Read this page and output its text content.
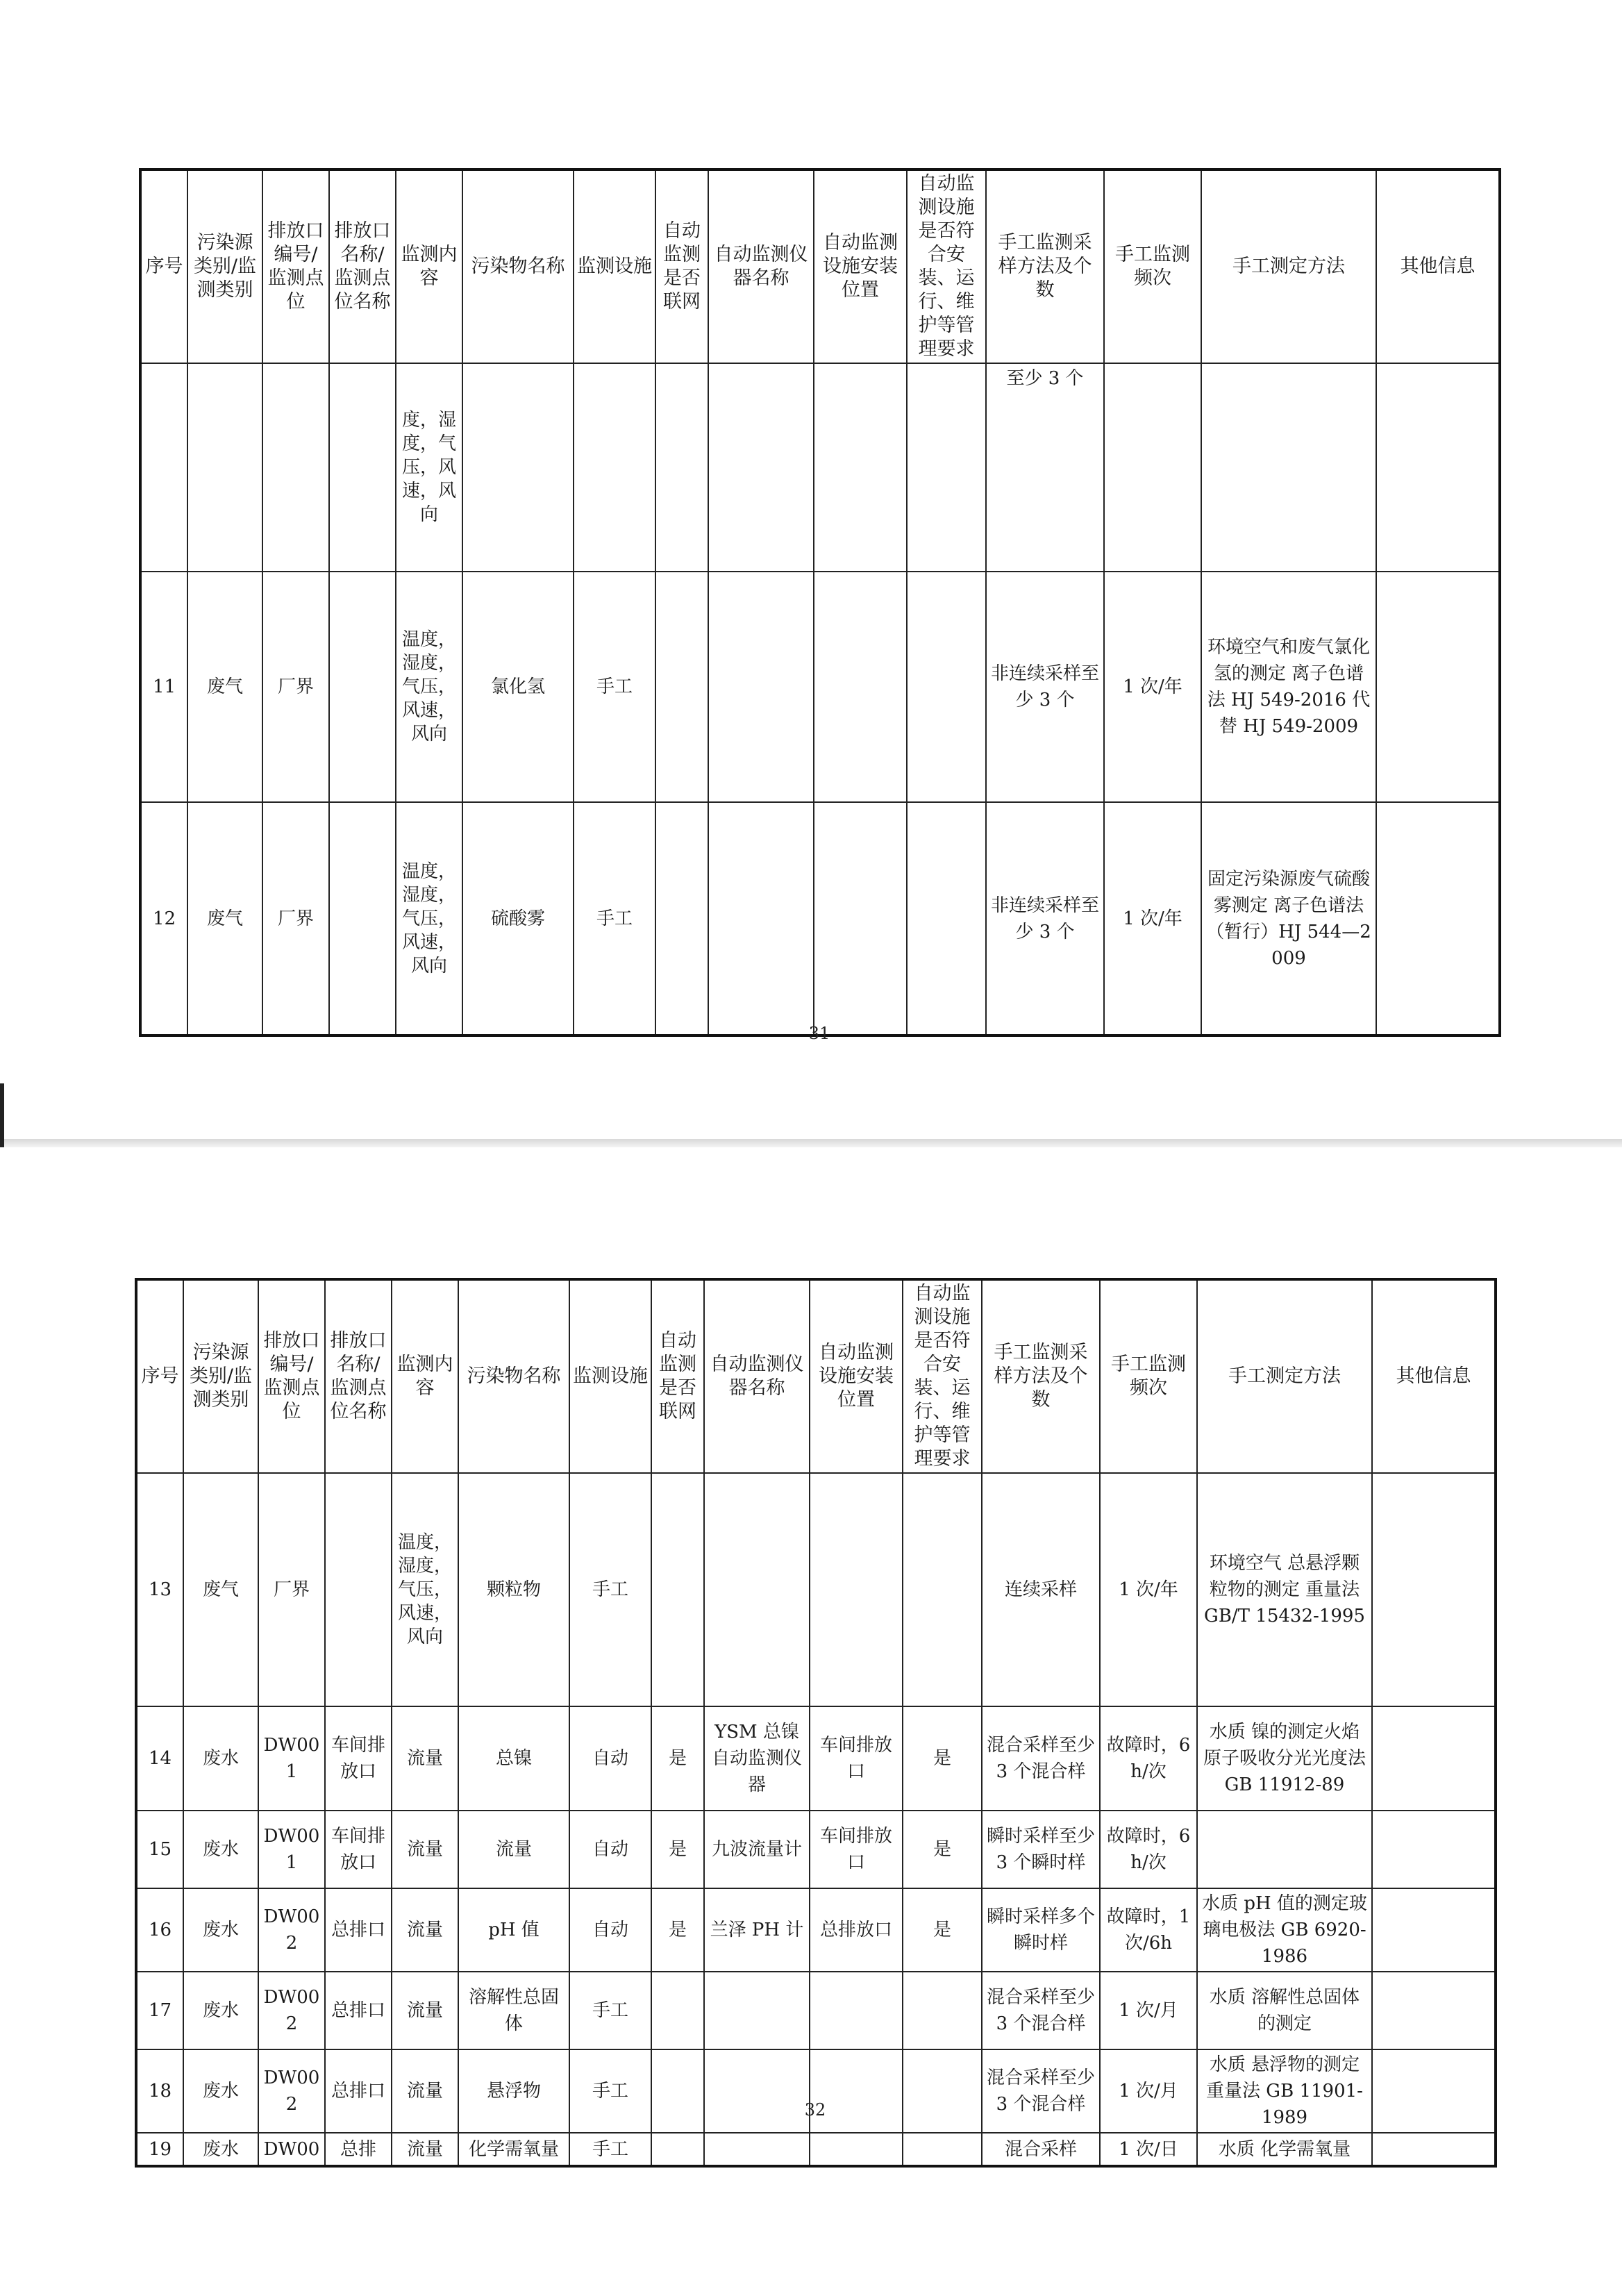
序号	污染源类别/监测类别	排放口编号/监测点位	排放口名称/监测点位名称	监测内容	污染物名称	监测设施	自动监测是否联网	自动监测仪器名称	自动监测设施安装位置	自动监测设施是否符合安装、运行、维护等管理要求	手工监测采样方法及个数	手工监测频次	手工测定方法	其他信息
				度，湿度，气压，风速，风向							至少 3 个			
11	废气	厂界		温度，湿度，气压，风速，风向	氯化氢	手工					非连续采样至少 3 个	1 次/年	环境空气和废气氯化氢的测定 离子色谱法 HJ 549-2016 代替 HJ 549-2009	
12	废气	厂界		温度，湿度，气压，风速，风向	硫酸雾	手工					非连续采样至少 3 个	1 次/年	固定污染源废气硫酸雾测定 离子色谱法（暂行）HJ 544—2009	
31
序号	污染源类别/监测类别	排放口编号/监测点位	排放口名称/监测点位名称	监测内容	污染物名称	监测设施	自动监测是否联网	自动监测仪器名称	自动监测设施安装位置	自动监测设施是否符合安装、运行、维护等管理要求	手工监测采样方法及个数	手工监测频次	手工测定方法	其他信息
13	废气	厂界		温度，湿度，气压，风速，风向	颗粒物	手工					连续采样	1 次/年	环境空气 总悬浮颗粒物的测定 重量法 GB/T 15432-1995	
14	废水	DW001	车间排放口	流量	总镍	自动	是	YSM 总镍自动监测仪器	车间排放口	是	混合采样至少 3 个混合样	故障时，6h/次	水质 镍的测定火焰原子吸收分光光度法 GB 11912-89	
15	废水	DW001	车间排放口	流量	流量	自动	是	九波流量计	车间排放口	是	瞬时采样至少 3 个瞬时样	故障时，6h/次		
16	废水	DW002	总排口	流量	pH 值	自动	是	兰泽 PH 计	总排放口	是	瞬时采样多个瞬时样	故障时，1 次/6h	水质 pH 值的测定玻璃电极法 GB 6920-1986	
17	废水	DW002	总排口	流量	溶解性总固体	手工					混合采样至少 3 个混合样	1 次/月	水质 溶解性总固体的测定	
18	废水	DW002	总排口	流量	悬浮物	手工					混合采样至少 3 个混合样	1 次/月	水质 悬浮物的测定 重量法 GB 11901-1989	
19	废水	DW00	总排	流量	化学需氧量	手工					混合采样	1 次/日	水质 化学需氧量	
32
